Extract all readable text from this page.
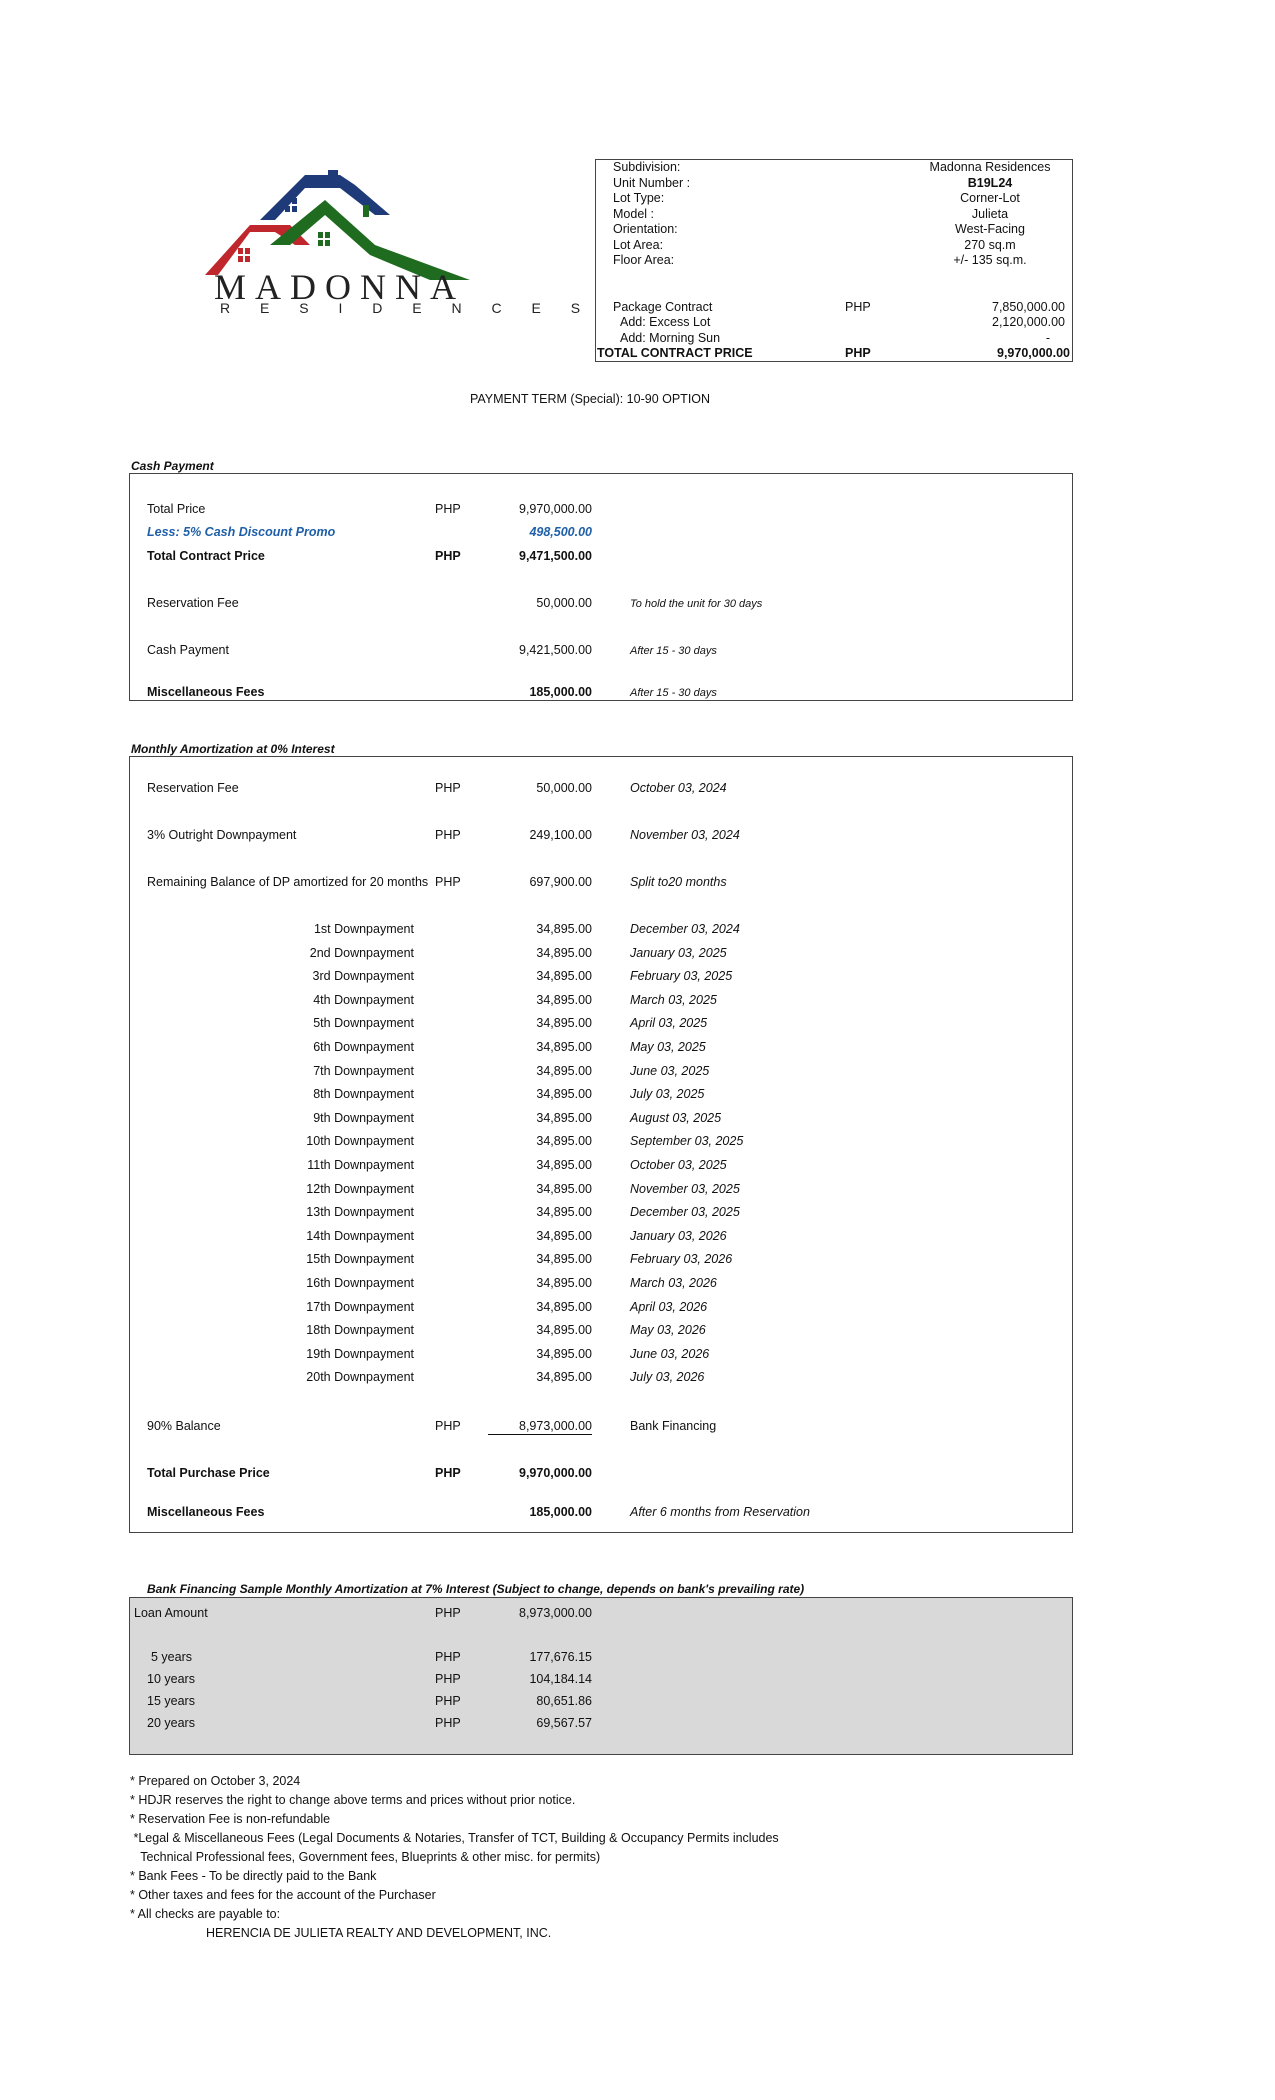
MADONNA
R E S I D E N C E S
Subdivision:	Madonna Residences
Unit Number :	B19L24
Lot Type:	Corner-Lot
Model :	Julieta
Orientation:	West-Facing
Lot Area:	270 sq.m
Floor Area:	+/- 135 sq.m.
Package Contract	PHP	7,850,000.00
Add: Excess Lot	2,120,000.00
Add: Morning Sun	-
TOTAL CONTRACT PRICE	PHP	9,970,000.00
PAYMENT TERM (Special): 10-90 OPTION
Cash Payment
Total Price	PHP	9,970,000.00
Less: 5% Cash Discount Promo	498,500.00
Total Contract Price	PHP	9,471,500.00
Reservation Fee	50,000.00	To hold the unit for 30 days
Cash Payment	9,421,500.00	After 15 - 30 days
Miscellaneous Fees	185,000.00	After 15 - 30 days
Monthly Amortization at 0% Interest
Reservation Fee	PHP	50,000.00	October 03, 2024
3% Outright Downpayment	PHP	249,100.00	November 03, 2024
Remaining Balance of DP amortized for 20 months PHP	697,900.00	Split to20 months
1st Downpayment	34,895.00	December 03, 2024
2nd Downpayment	34,895.00	January 03, 2025
3rd Downpayment	34,895.00	February 03, 2025
4th Downpayment	34,895.00	March 03, 2025
5th Downpayment	34,895.00	April 03, 2025
6th Downpayment	34,895.00	May 03, 2025
7th Downpayment	34,895.00	June 03, 2025
8th Downpayment	34,895.00	July 03, 2025
9th Downpayment	34,895.00	August 03, 2025
10th Downpayment	34,895.00	September 03, 2025
11th Downpayment	34,895.00	October 03, 2025
12th Downpayment	34,895.00	November 03, 2025
13th Downpayment	34,895.00	December 03, 2025
14th Downpayment	34,895.00	January 03, 2026
15th Downpayment	34,895.00	February 03, 2026
16th Downpayment	34,895.00	March 03, 2026
17th Downpayment	34,895.00	April 03, 2026
18th Downpayment	34,895.00	May 03, 2026
19th Downpayment	34,895.00	June 03, 2026
20th Downpayment	34,895.00	July 03, 2026
90% Balance	PHP	8,973,000.00	Bank Financing
Total Purchase Price	PHP	9,970,000.00
Miscellaneous Fees	185,000.00	After 6 months from Reservation
Bank Financing Sample Monthly Amortization at 7% Interest (Subject to change, depends on bank's prevailing rate)
Loan Amount	PHP	8,973,000.00
5 years	PHP	177,676.15
10 years	PHP	104,184.14
15 years	PHP	80,651.86
20 years	PHP	69,567.57
* Prepared on October 3, 2024
* HDJR reserves the right to change above terms and prices without prior notice.
* Reservation Fee is non-refundable
*Legal & Miscellaneous Fees (Legal Documents & Notaries, Transfer of TCT, Building & Occupancy Permits includes
Technical Professional fees, Government fees, Blueprints & other misc. for permits)
* Bank Fees - To be directly paid to the Bank
* Other taxes and fees for the account of the Purchaser
* All checks are payable to:
HERENCIA DE JULIETA REALTY AND DEVELOPMENT, INC.
